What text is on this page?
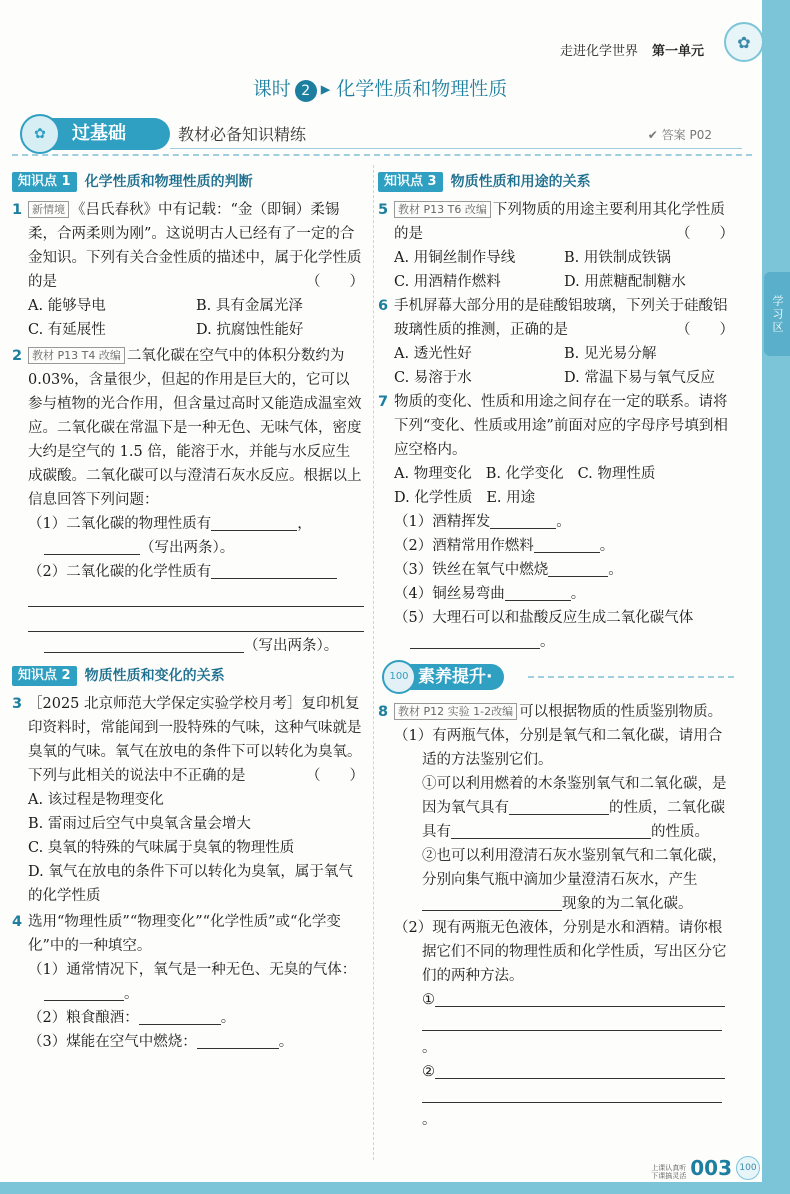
学习区
走进化学世界 第一单元	✿
课时 2 ▸ 化学性质和物理性质
过基础
✿	教材必备知识精练	✔ 答案 P02
知识点 1	化学性质和物理性质的判断
1 新情境 《吕氏春秋》中有记载：“金（即铜）柔锡柔，合两柔则为刚”。这说明古人已经有了一定的合金知识。下列有关合金性质的描述中，属于化学性质的是	（　　）
A. 能够导电	B. 具有金属光泽
C. 有延展性	D. 抗腐蚀性能好
2 教材 P13 T4 改编 二氧化碳在空气中的体积分数约为 0.03%，含量很少，但起的作用是巨大的，它可以参与植物的光合作用，但含量过高时又能造成温室效应。二氧化碳在常温下是一种无色、无味气体，密度大约是空气的 1.5 倍，能溶于水，并能与水反应生成碳酸。二氧化碳可以与澄清石灰水反应。根据以上信息回答下列问题：
（1）二氧化碳的物理性质有	，
（写出两条）。
（2）二氧化碳的化学性质有
（写出两条）。
知识点 2	物质性质和变化的关系
3 ［2025 北京师范大学保定实验学校月考］复印机复印资料时，常能闻到一股特殊的气味，这种气味就是臭氧的气味。氧气在放电的条件下可以转化为臭氧。下列与此相关的说法中不正确的是	（　　）
A. 该过程是物理变化
B. 雷雨过后空气中臭氧含量会增大
C. 臭氧的特殊的气味属于臭氧的物理性质
D. 氧气在放电的条件下可以转化为臭氧，属于氧气的化学性质
4 选用“物理性质”“物理变化”“化学性质”或“化学变化”中的一种填空。
（1）通常情况下，氧气是一种无色、无臭的气体：
。
（2）粮食酿酒：	。
（3）煤能在空气中燃烧：	。
知识点 3	物质性质和用途的关系
5 教材 P13 T6 改编 下列物质的用途主要利用其化学性质的是	（　　）
A. 用铜丝制作导线	B. 用铁制成铁锅
C. 用酒精作燃料	D. 用蔗糖配制糖水
6 手机屏幕大部分用的是硅酸铝玻璃，下列关于硅酸铝玻璃性质的推测，正确的是	（　　）
A. 透光性好	B. 见光易分解
C. 易溶于水	D. 常温下易与氧气反应
7 物质的变化、性质和用途之间存在一定的联系。请将下列“变化、性质或用途”前面对应的字母序号填到相应空格内。
A. 物理变化 B. 化学变化 C. 物理性质
D. 化学性质 E. 用途
（1）酒精挥发	。
（2）酒精常用作燃料	。
（3）铁丝在氧气中燃烧	。
（4）铜丝易弯曲	。
（5）大理石可以和盐酸反应生成二氧化碳气体
。
素养提升·
100
8 教材 P12 实验 1-2改编 可以根据物质的性质鉴别物质。
（1）有两瓶气体，分别是氧气和二氧化碳，请用合适的方法鉴别它们。
①可以利用燃着的木条鉴别氧气和二氧化碳，是因为氧气具有	的性质，二氧化碳具有	的性质。
②也可以利用澄清石灰水鉴别氧气和二氧化碳，分别向集气瓶中滴加少量澄清石灰水，产生现象的为二氧化碳。
（2）现有两瓶无色液体，分别是水和酒精。请你根据它们不同的物理性质和化学性质，写出区分它们的两种方法。
①
。
②
。
上课认真听 下课搞灵活 003 100
